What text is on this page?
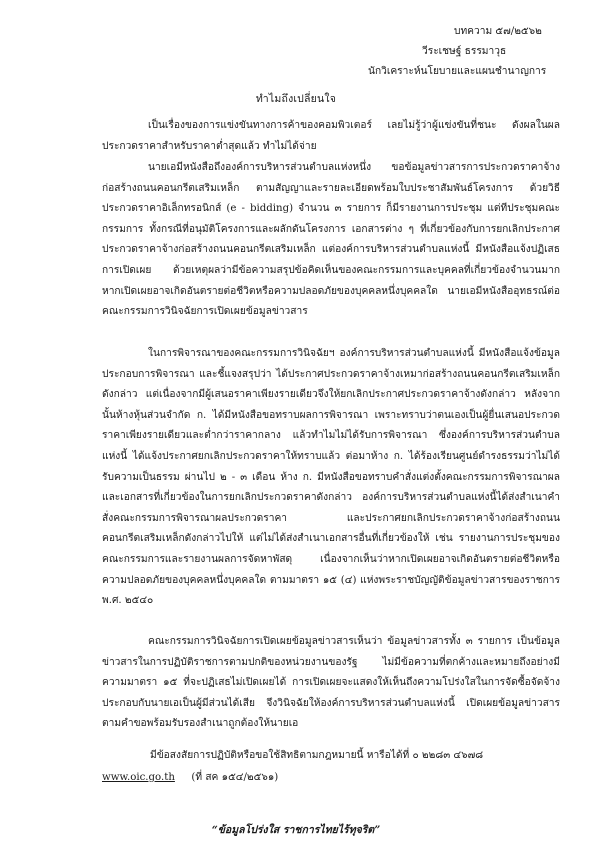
บทความ ๕๗/๒๕๖๒
วีระเชษฐ์ ธรรมาวุธ
นักวิเคราะห์นโยบายและแผนชำนาญการ
ทำไมถึงเปลี่ยนใจ
เป็นเรื่องของการแข่งขันทางการค้าของคอมพิวเตอร์ เลยไม่รู้ว่าผู้แข่งขันที่ชนะ ดังผลในผลประกวดราคาสำหรับราคาต่ำสุดแล้ว ทำไม่ได้จ่าย
นายเอมีหนังสือถึงองค์การบริหารส่วนตำบลแห่งหนึ่ง ขอข้อมูลข่าวสารการประกวดราคาจ้างก่อสร้างถนนคอนกรีตเสริมเหล็ก ตามสัญญาและรายละเอียดพร้อมใบประชาสัมพันธ์โครงการ ด้วยวิธีประกวดราคาอิเล็กทรอนิกส์ (e - bidding) จำนวน ๓ รายการ ก็มีรายงานการประชุม แต่ทีประชุมคณะกรรมการ ทั้งกรณีที่อนุมัติโครงการและผลักดันโครงการ เอกสารต่าง ๆ ที่เกี่ยวข้องกับการยกเลิกประกาศประกวดราคาจ้างก่อสร้างถนนคอนกรีตเสริมเหล็ก แต่องค์การบริหารส่วนตำบลแห่งนี้ มีหนังสือแจ้งปฏิเสธการเปิดเผย ด้วยเหตุผลว่ามีข้อความสรุปข้อคิดเห็นของคณะกรรมการและบุคคลที่เกี่ยวข้องจำนวนมาก หากเปิดเผยอาจเกิดอันตรายต่อชีวิตหรือความปลอดภัยของบุคคลหนึ่งบุคคลใด นายเอมีหนังสืออุทธรณ์ต่อคณะกรรมการวินิจฉัยการเปิดเผยข้อมูลข่าวสาร
ในการพิจารณาของคณะกรรมการวินิจฉัยฯ องค์การบริหารส่วนตำบลแห่งนี้ มีหนังสือแจ้งข้อมูลประกอบการพิจารณา และชี้แจงสรุปว่า ได้ประกาศประกวดราคาจ้างเหมาก่อสร้างถนนคอนกรีตเสริมเหล็กดังกล่าว แต่เนื่องจากมีผู้เสนอราคาเพียงรายเดียวจึงให้ยกเลิกประกาศประกวดราคาจ้างดังกล่าว หลังจากนั้นห้างหุ้นส่วนจำกัด ก. ได้มีหนังสือขอทราบผลการพิจารณา เพราะทราบว่าตนเองเป็นผู้ยื่นเสนอประกวดราคาเพียงรายเดียวและต่ำกว่าราคากลาง แล้วทำไมไม่ได้รับการพิจารณา ซึ่งองค์การบริหารส่วนตำบลแห่งนี้ ได้แจ้งประกาศยกเลิกประกวดราคาให้ทราบแล้ว ต่อมาห้าง ก. ได้ร้องเรียนศูนย์ดำรงธรรมว่าไม่ได้รับความเป็นธรรม ผ่านไป ๒ - ๓ เดือน ห้าง ก. มีหนังสือขอทราบคำสั่งแต่งตั้งคณะกรรมการพิจารณาผลและเอกสารที่เกี่ยวข้องในการยกเลิกประกวดราคาดังกล่าว องค์การบริหารส่วนตำบลแห่งนี้ได้ส่งสำเนาคำสั่งคณะกรรมการพิจารณาผลประกวดราคา และประกาศยกเลิกประกวดราคาจ้างก่อสร้างถนนคอนกรีตเสริมเหล็กดังกล่าวไปให้ แต่ไม่ได้ส่งสำเนาเอกสารอื่นที่เกี่ยวข้องให้ เช่น รายงานการประชุมของคณะกรรมการและรายงานผลการจัดหาพัสดุ เนื่องจากเห็นว่าหากเปิดเผยอาจเกิดอันตรายต่อชีวิตหรือความปลอดภัยของบุคคลหนึ่งบุคคลใด ตามมาตรา ๑๕ (๔) แห่งพระราชบัญญัติข้อมูลข่าวสารของราชการ พ.ศ. ๒๕๔๐
คณะกรรมการวินิจฉัยการเปิดเผยข้อมูลข่าวสารเห็นว่า ข้อมูลข่าวสารทั้ง ๓ รายการ เป็นข้อมูลข่าวสารในการปฏิบัติราชการตามปกติของหน่วยงานของรัฐ ไม่มีข้อความที่ตกค้างและหมายถึงอย่างมีความมาตรา ๑๕ ที่จะปฏิเสธไม่เปิดเผยได้ การเปิดเผยจะแสดงให้เห็นถึงความโปร่งใสในการจัดซื้อจัดจ้าง ประกอบกับนายเอเป็นผู้มีส่วนได้เสีย จึงวินิจฉัยให้องค์การบริหารส่วนตำบลแห่งนี้ เปิดเผยข้อมูลข่าวสารตามคำขอพร้อมรับรองสำเนาถูกต้องให้นายเอ
มีข้อสงสัยการปฏิบัติหรือขอใช้สิทธิตามกฎหมายนี้ หารือได้ที่ ๐ ๒๒๘๓ ๔๖๗๘
www.oic.go.th (ที่ สค ๑๕๔/๒๕๖๑)
“ข้อมูลโปร่งใส ราชการไทยไร้ทุจริต”
